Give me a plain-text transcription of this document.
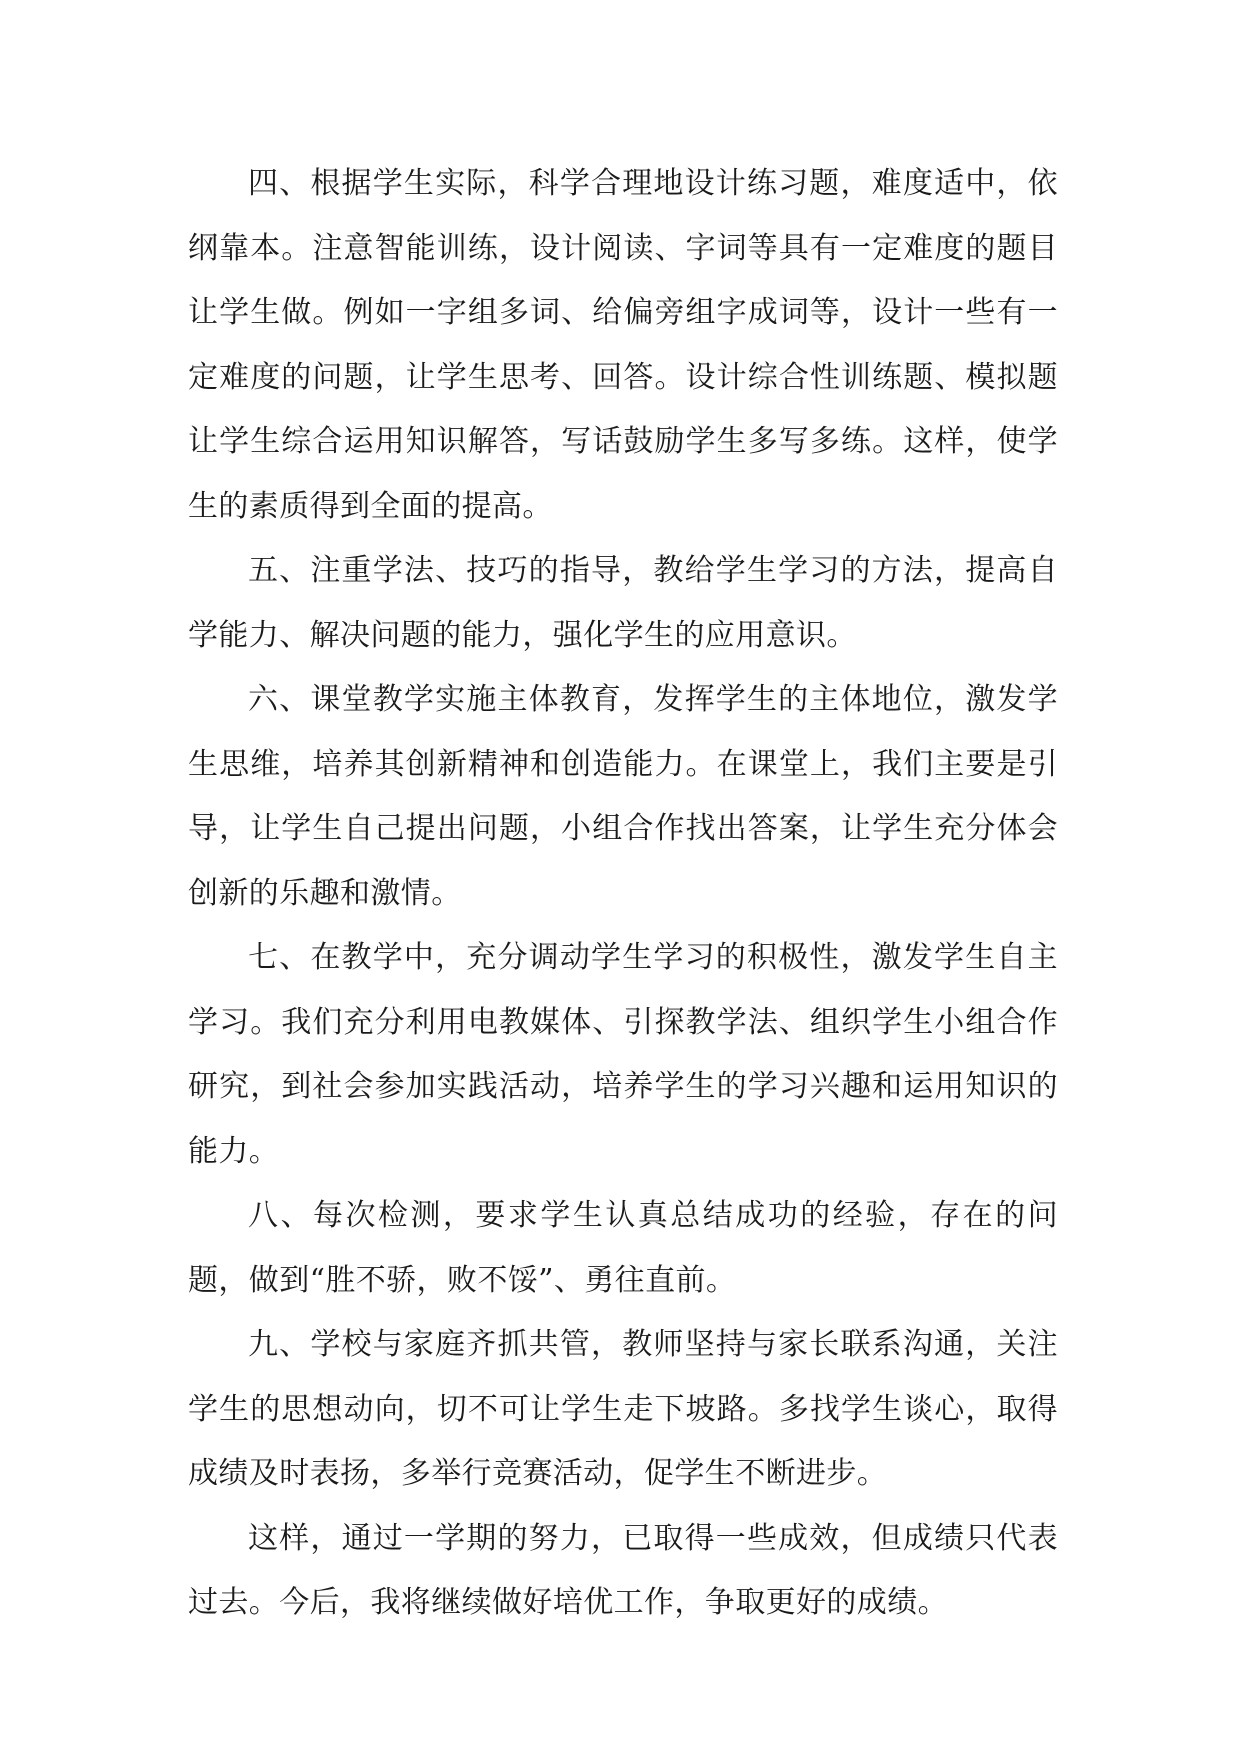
四、根据学生实际，科学合理地设计练习题，难度适中，依纲靠本。注意智能训练，设计阅读、字词等具有一定难度的题目让学生做。例如一字组多词、给偏旁组字成词等，设计一些有一定难度的问题，让学生思考、回答。设计综合性训练题、模拟题让学生综合运用知识解答，写话鼓励学生多写多练。这样，使学生的素质得到全面的提高。

五、注重学法、技巧的指导，教给学生学习的方法，提高自学能力、解决问题的能力，强化学生的应用意识。

六、课堂教学实施主体教育，发挥学生的主体地位，激发学生思维，培养其创新精神和创造能力。在课堂上，我们主要是引导，让学生自己提出问题，小组合作找出答案，让学生充分体会创新的乐趣和激情。

七、在教学中，充分调动学生学习的积极性，激发学生自主学习。我们充分利用电教媒体、引探教学法、组织学生小组合作研究，到社会参加实践活动，培养学生的学习兴趣和运用知识的能力。

八、每次检测，要求学生认真总结成功的经验，存在的问题，做到“胜不骄，败不馁”、勇往直前。

九、学校与家庭齐抓共管，教师坚持与家长联系沟通，关注学生的思想动向，切不可让学生走下坡路。多找学生谈心，取得成绩及时表扬，多举行竞赛活动，促学生不断进步。

这样，通过一学期的努力，已取得一些成效，但成绩只代表过去。今后，我将继续做好培优工作，争取更好的成绩。
